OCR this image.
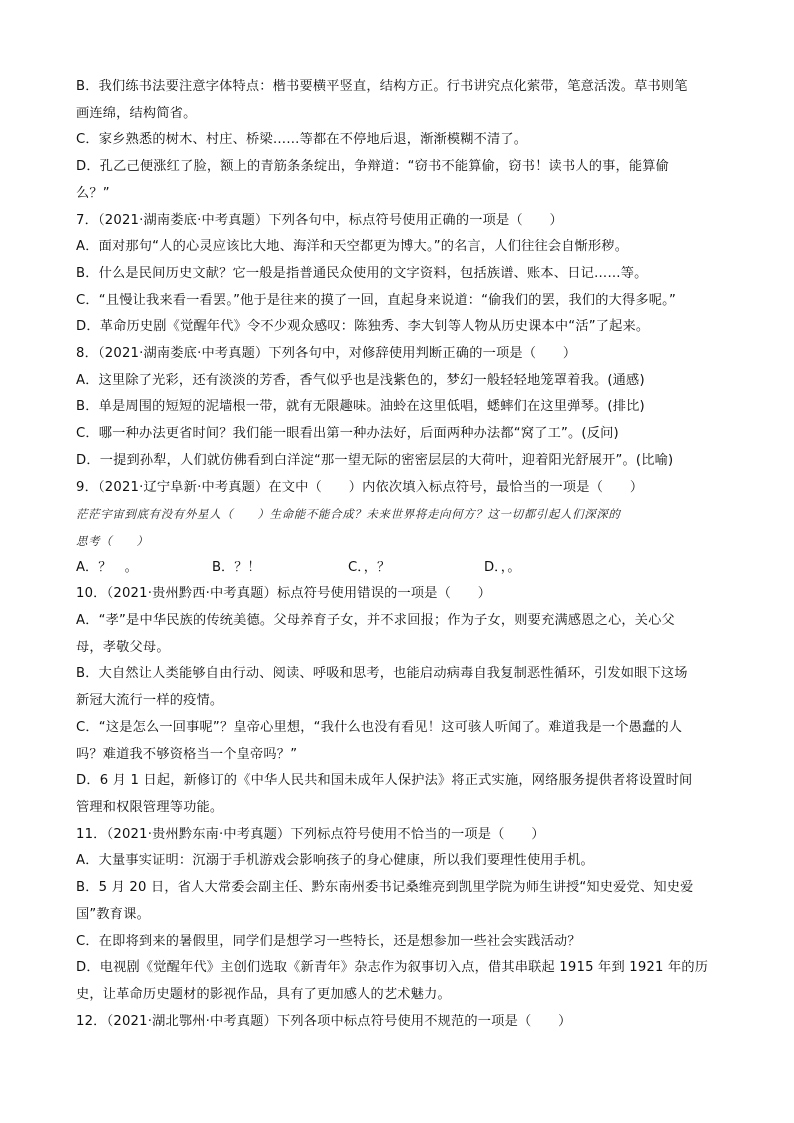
B．我们练书法要注意字体特点：楷书要横平竖直，结构方正。行书讲究点化萦带，笔意活泼。草书则笔
画连绵，结构简省。
C．家乡熟悉的树木、村庄、桥梁……等都在不停地后退，渐渐模糊不清了。
D．孔乙己便涨红了脸，额上的青筋条条绽出，争辩道：“窃书不能算偷，窃书！读书人的事，能算偷
么？”
7．（2021·湖南娄底·中考真题）下列各句中，标点符号使用正确的一项是（　　）
A．面对那句“人的心灵应该比大地、海洋和天空都更为博大。”的名言，人们往往会自惭形秽。
B．什么是民间历史文献？它一般是指普通民众使用的文字资料，包括族谱、账本、日记……等。
C．“且慢让我来看一看罢。”他于是往来的摸了一回，直起身来说道：“偷我们的罢，我们的大得多呢。”
D．革命历史剧《觉醒年代》令不少观众感叹：陈独秀、李大钊等人物从历史课本中“活”了起来。
8．（2021·湖南娄底·中考真题）下列各句中，对修辞使用判断正确的一项是（　　）
A．这里除了光彩，还有淡淡的芳香，香气似乎也是浅紫色的，梦幻一般轻轻地笼罩着我。(通感)
B．单是周围的短短的泥墙根一带，就有无限趣味。油蛉在这里低唱，蟋蟀们在这里弹琴。(排比)
C．哪一种办法更省时间？我们能一眼看出第一种办法好，后面两种办法都“窝了工”。(反问)
D．一提到孙犁，人们就仿佛看到白洋淀“那一望无际的密密层层的大荷叶，迎着阳光舒展开”。(比喻)
9．（2021·辽宁阜新·中考真题）在文中（　　）内依次填入标点符号，最恰当的一项是（　　）
茫茫宇宙到底有没有外星人（　　）生命能不能合成？未来世界将走向何方？这一切都引起人们深深的
思考（　　）
A．？　。	B．？！	C．，？	D．，。
10．（2021·贵州黔西·中考真题）标点符号使用错误的一项是（　　）
A．“孝”是中华民族的传统美德。父母养育子女，并不求回报；作为子女，则要充满感恩之心，关心父
母，孝敬父母。
B．大自然让人类能够自由行动、阅读、呼吸和思考，也能启动病毒自我复制恶性循环，引发如眼下这场
新冠大流行一样的疫情。
C．“这是怎么一回事呢”？皇帝心里想，“我什么也没有看见！这可骇人听闻了。难道我是一个愚蠢的人
吗？难道我不够资格当一个皇帝吗？”
D．6 月 1 日起，新修订的《中华人民共和国未成年人保护法》将正式实施，网络服务提供者将设置时间
管理和权限管理等功能。
11．（2021·贵州黔东南·中考真题）下列标点符号使用不恰当的一项是（　　）
A．大量事实证明：沉溺于手机游戏会影响孩子的身心健康，所以我们要理性使用手机。
B．5 月 20 日，省人大常委会副主任、黔东南州委书记桑维亮到凯里学院为师生讲授“知史爱党、知史爱
国”教育课。
C．在即将到来的暑假里，同学们是想学习一些特长，还是想参加一些社会实践活动？
D．电视剧《觉醒年代》主创们选取《新青年》杂志作为叙事切入点，借其串联起 1915 年到 1921 年的历
史，让革命历史题材的影视作品，具有了更加感人的艺术魅力。
12．（2021·湖北鄂州·中考真题）下列各项中标点符号使用不规范的一项是（　　）
